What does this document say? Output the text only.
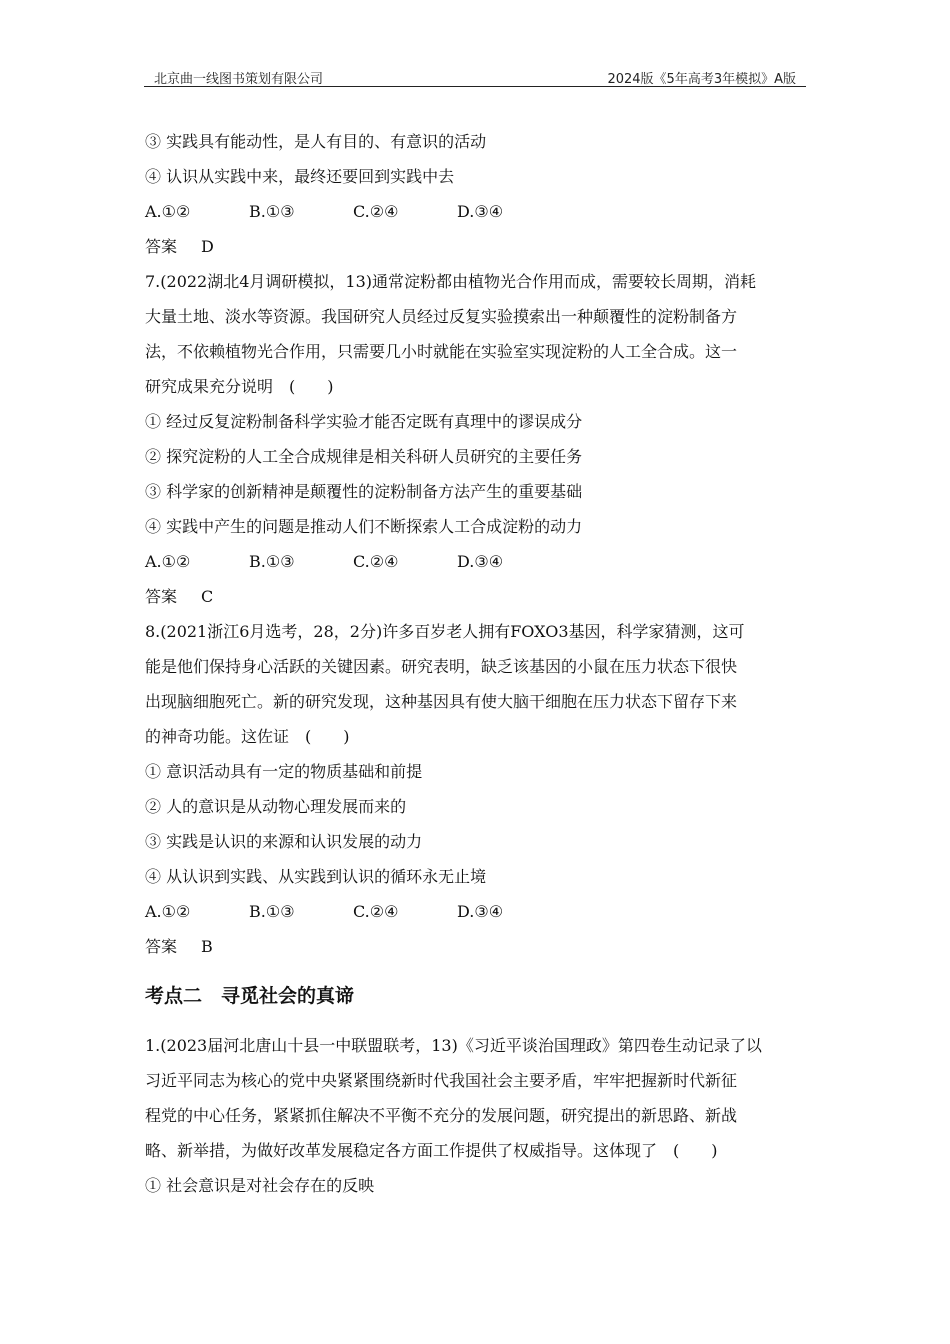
北京曲一线图书策划有限公司	2024版《5年高考3年模拟》A版
③ 实践具有能动性，是人有目的、有意识的活动
④ 认识从实践中来，最终还要回到实践中去
A.①②	B.①③	C.②④	D.③④
答案	D
7.(2022湖北4月调研模拟，13)通常淀粉都由植物光合作用而成，需要较长周期，消耗
大量土地、淡水等资源。我国研究人员经过反复实验摸索出一种颠覆性的淀粉制备方
法，不依赖植物光合作用，只需要几小时就能在实验室实现淀粉的人工全合成。这一
研究成果充分说明　(　　)
① 经过反复淀粉制备科学实验才能否定既有真理中的谬误成分
② 探究淀粉的人工全合成规律是相关科研人员研究的主要任务
③ 科学家的创新精神是颠覆性的淀粉制备方法产生的重要基础
④ 实践中产生的问题是推动人们不断探索人工合成淀粉的动力
A.①②	B.①③	C.②④	D.③④
答案	C
8.(2021浙江6月选考，28，2分)许多百岁老人拥有FOXO3基因，科学家猜测，这可
能是他们保持身心活跃的关键因素。研究表明，缺乏该基因的小鼠在压力状态下很快
出现脑细胞死亡。新的研究发现，这种基因具有使大脑干细胞在压力状态下留存下来
的神奇功能。这佐证　(　　)
① 意识活动具有一定的物质基础和前提
② 人的意识是从动物心理发展而来的
③ 实践是认识的来源和认识发展的动力
④ 从认识到实践、从实践到认识的循环永无止境
A.①②	B.①③	C.②④	D.③④
答案	B
考点二　寻觅社会的真谛
1.(2023届河北唐山十县一中联盟联考，13)《习近平谈治国理政》第四卷生动记录了以
习近平同志为核心的党中央紧紧围绕新时代我国社会主要矛盾，牢牢把握新时代新征
程党的中心任务，紧紧抓住解决不平衡不充分的发展问题，研究提出的新思路、新战
略、新举措，为做好改革发展稳定各方面工作提供了权威指导。这体现了　(　　)
① 社会意识是对社会存在的反映
